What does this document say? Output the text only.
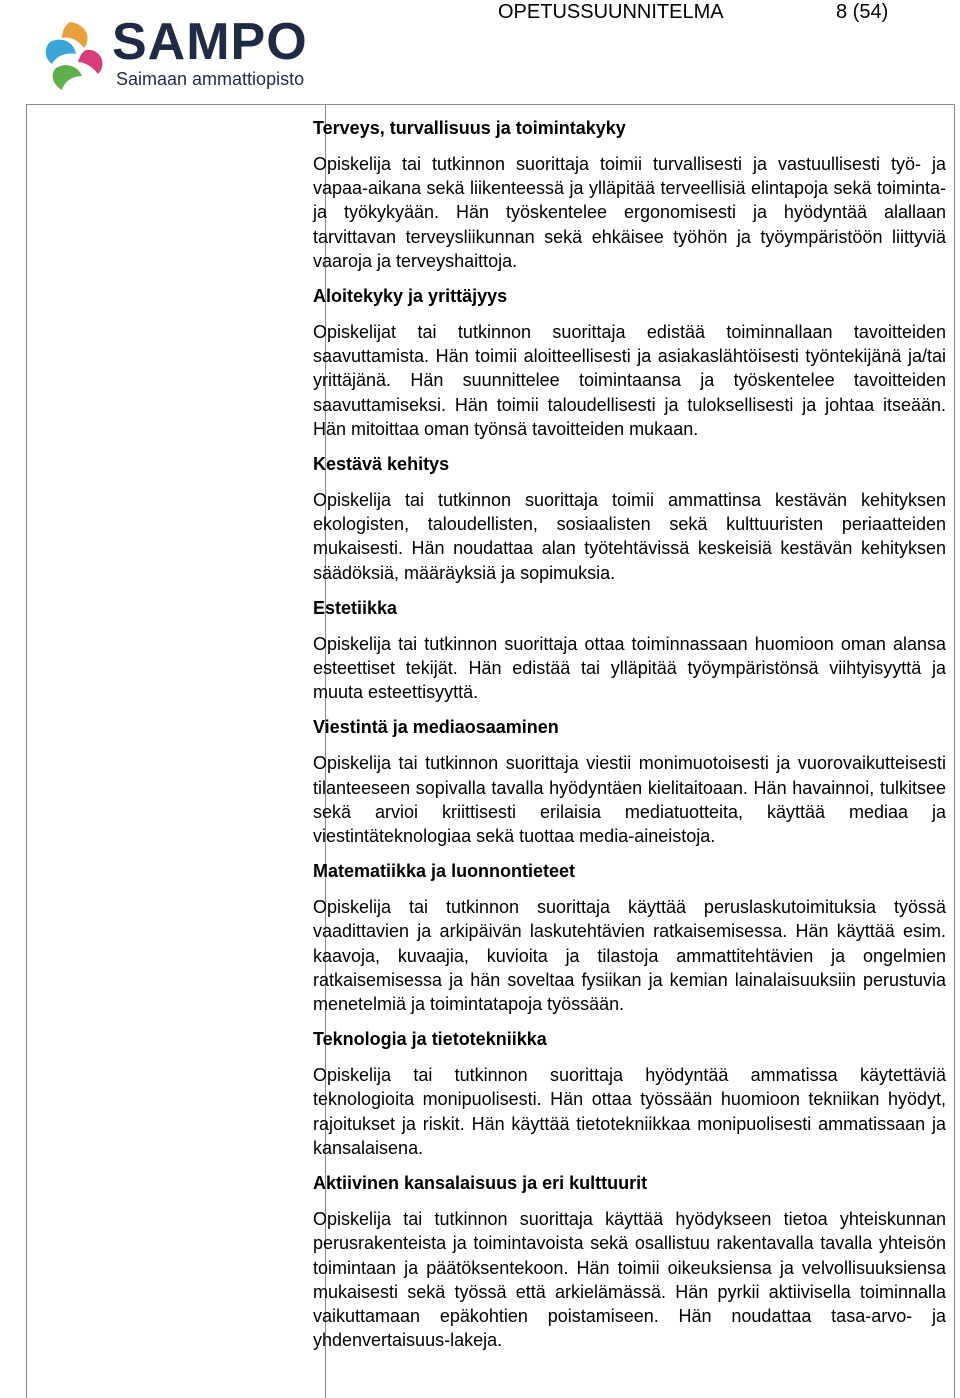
SAMPO
Saimaan ammattiopisto
OPETUSSUUNNITELMA	8 (54)

Terveys, turvallisuus ja toimintakyky

Opiskelija tai tutkinnon suorittaja toimii turvallisesti ja vastuullisesti työ- ja vapaa-aikana sekä liikenteessä ja ylläpitää terveellisiä elintapoja sekä toiminta- ja työkykyään. Hän työskentelee ergonomisesti ja hyödyntää alallaan tarvittavan terveysliikunnan sekä ehkäisee työhön ja työympäristöön liittyviä vaaroja ja terveyshaittoja.

Aloitekyky ja yrittäjyys

Opiskelijat tai tutkinnon suorittaja edistää toiminnallaan tavoitteiden saavuttamista. Hän toimii aloitteellisesti ja asiakaslähtöisesti työntekijänä ja/tai yrittäjänä. Hän suunnittelee toimintaansa ja työskentelee tavoitteiden saavuttamiseksi. Hän toimii taloudellisesti ja tuloksellisesti ja johtaa itseään. Hän mitoittaa oman työnsä tavoitteiden mukaan.

Kestävä kehitys

Opiskelija tai tutkinnon suorittaja toimii ammattinsa kestävän kehityksen ekologisten, taloudellisten, sosiaalisten sekä kulttuuristen periaatteiden mukaisesti. Hän noudattaa alan työtehtävissä keskeisiä kestävän kehityksen säädöksiä, määräyksiä ja sopimuksia.

Estetiikka

Opiskelija tai tutkinnon suorittaja ottaa toiminnassaan huomioon oman alansa esteettiset tekijät. Hän edistää tai ylläpitää työympäristönsä viihtyisyyttä ja muuta esteettisyyttä.

Viestintä ja mediaosaaminen

Opiskelija tai tutkinnon suorittaja viestii monimuotoisesti ja vuorovaikutteisesti tilanteeseen sopivalla tavalla hyödyntäen kielitaitoaan. Hän havainnoi, tulkitsee sekä arvioi kriittisesti erilaisia mediatuotteita, käyttää mediaa ja viestintäteknologiaa sekä tuottaa media-aineistoja.

Matematiikka ja luonnontieteet

Opiskelija tai tutkinnon suorittaja käyttää peruslaskutoimituksia työssä vaadittavien ja arkipäivän laskutehtävien ratkaisemisessa. Hän käyttää esim. kaavoja, kuvaajia, kuvioita ja tilastoja ammattitehtävien ja ongelmien ratkaisemisessa ja hän soveltaa fysiikan ja kemian lainalaisuuksiin perustuvia menetelmiä ja toimintatapoja työssään.

Teknologia ja tietotekniikka

Opiskelija tai tutkinnon suorittaja hyödyntää ammatissa käytettäviä teknologioita monipuolisesti. Hän ottaa työssään huomioon tekniikan hyödyt, rajoitukset ja riskit. Hän käyttää tietotekniikkaa monipuolisesti ammatissaan ja kansalaisena.

Aktiivinen kansalaisuus ja eri kulttuurit

Opiskelija tai tutkinnon suorittaja käyttää hyödykseen tietoa yhteiskunnan perusrakenteista ja toimintavoista sekä osallistuu rakentavalla tavalla yhteisön toimintaan ja päätöksentekoon. Hän toimii oikeuksiensa ja velvollisuuksiensa mukaisesti sekä työssä että arkielämässä. Hän pyrkii aktiivisella toiminnalla vaikuttamaan epäkohtien poistamiseen. Hän noudattaa tasa-arvo- ja yhdenvertaisuus-lakeja.
